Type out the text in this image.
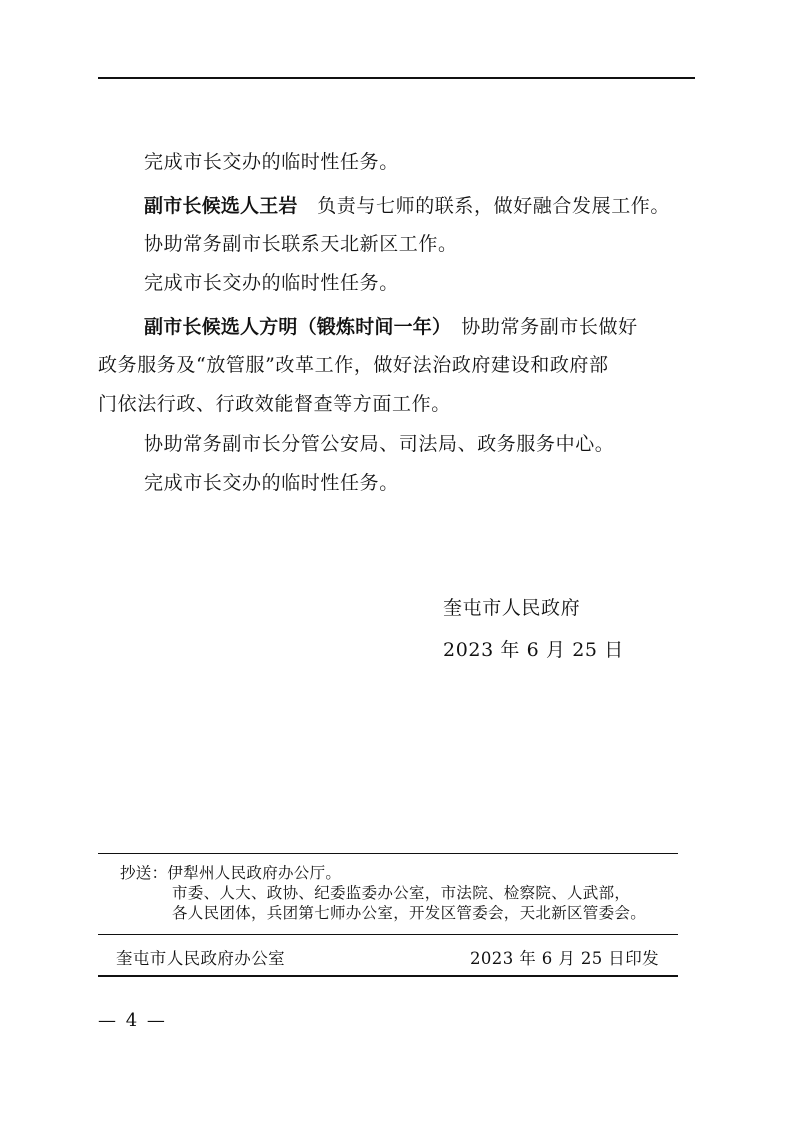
完成市长交办的临时性任务。
副市长候选人王岩　负责与七师的联系，做好融合发展工作。
协助常务副市长联系天北新区工作。
完成市长交办的临时性任务。
副市长候选人方明（锻炼时间一年）　协助常务副市长做好
政务服务及“放管服”改革工作，做好法治政府建设和政府部
门依法行政、行政效能督查等方面工作。
协助常务副市长分管公安局、司法局、政务服务中心。
完成市长交办的临时性任务。
奎屯市人民政府
2023 年 6 月 25 日
抄送：伊犁州人民政府办公厅。
市委、人大、政协、纪委监委办公室，市法院、检察院、人武部，
各人民团体，兵团第七师办公室，开发区管委会，天北新区管委会。
奎屯市人民政府办公室	2023 年 6 月 25 日印发
— 4 —
